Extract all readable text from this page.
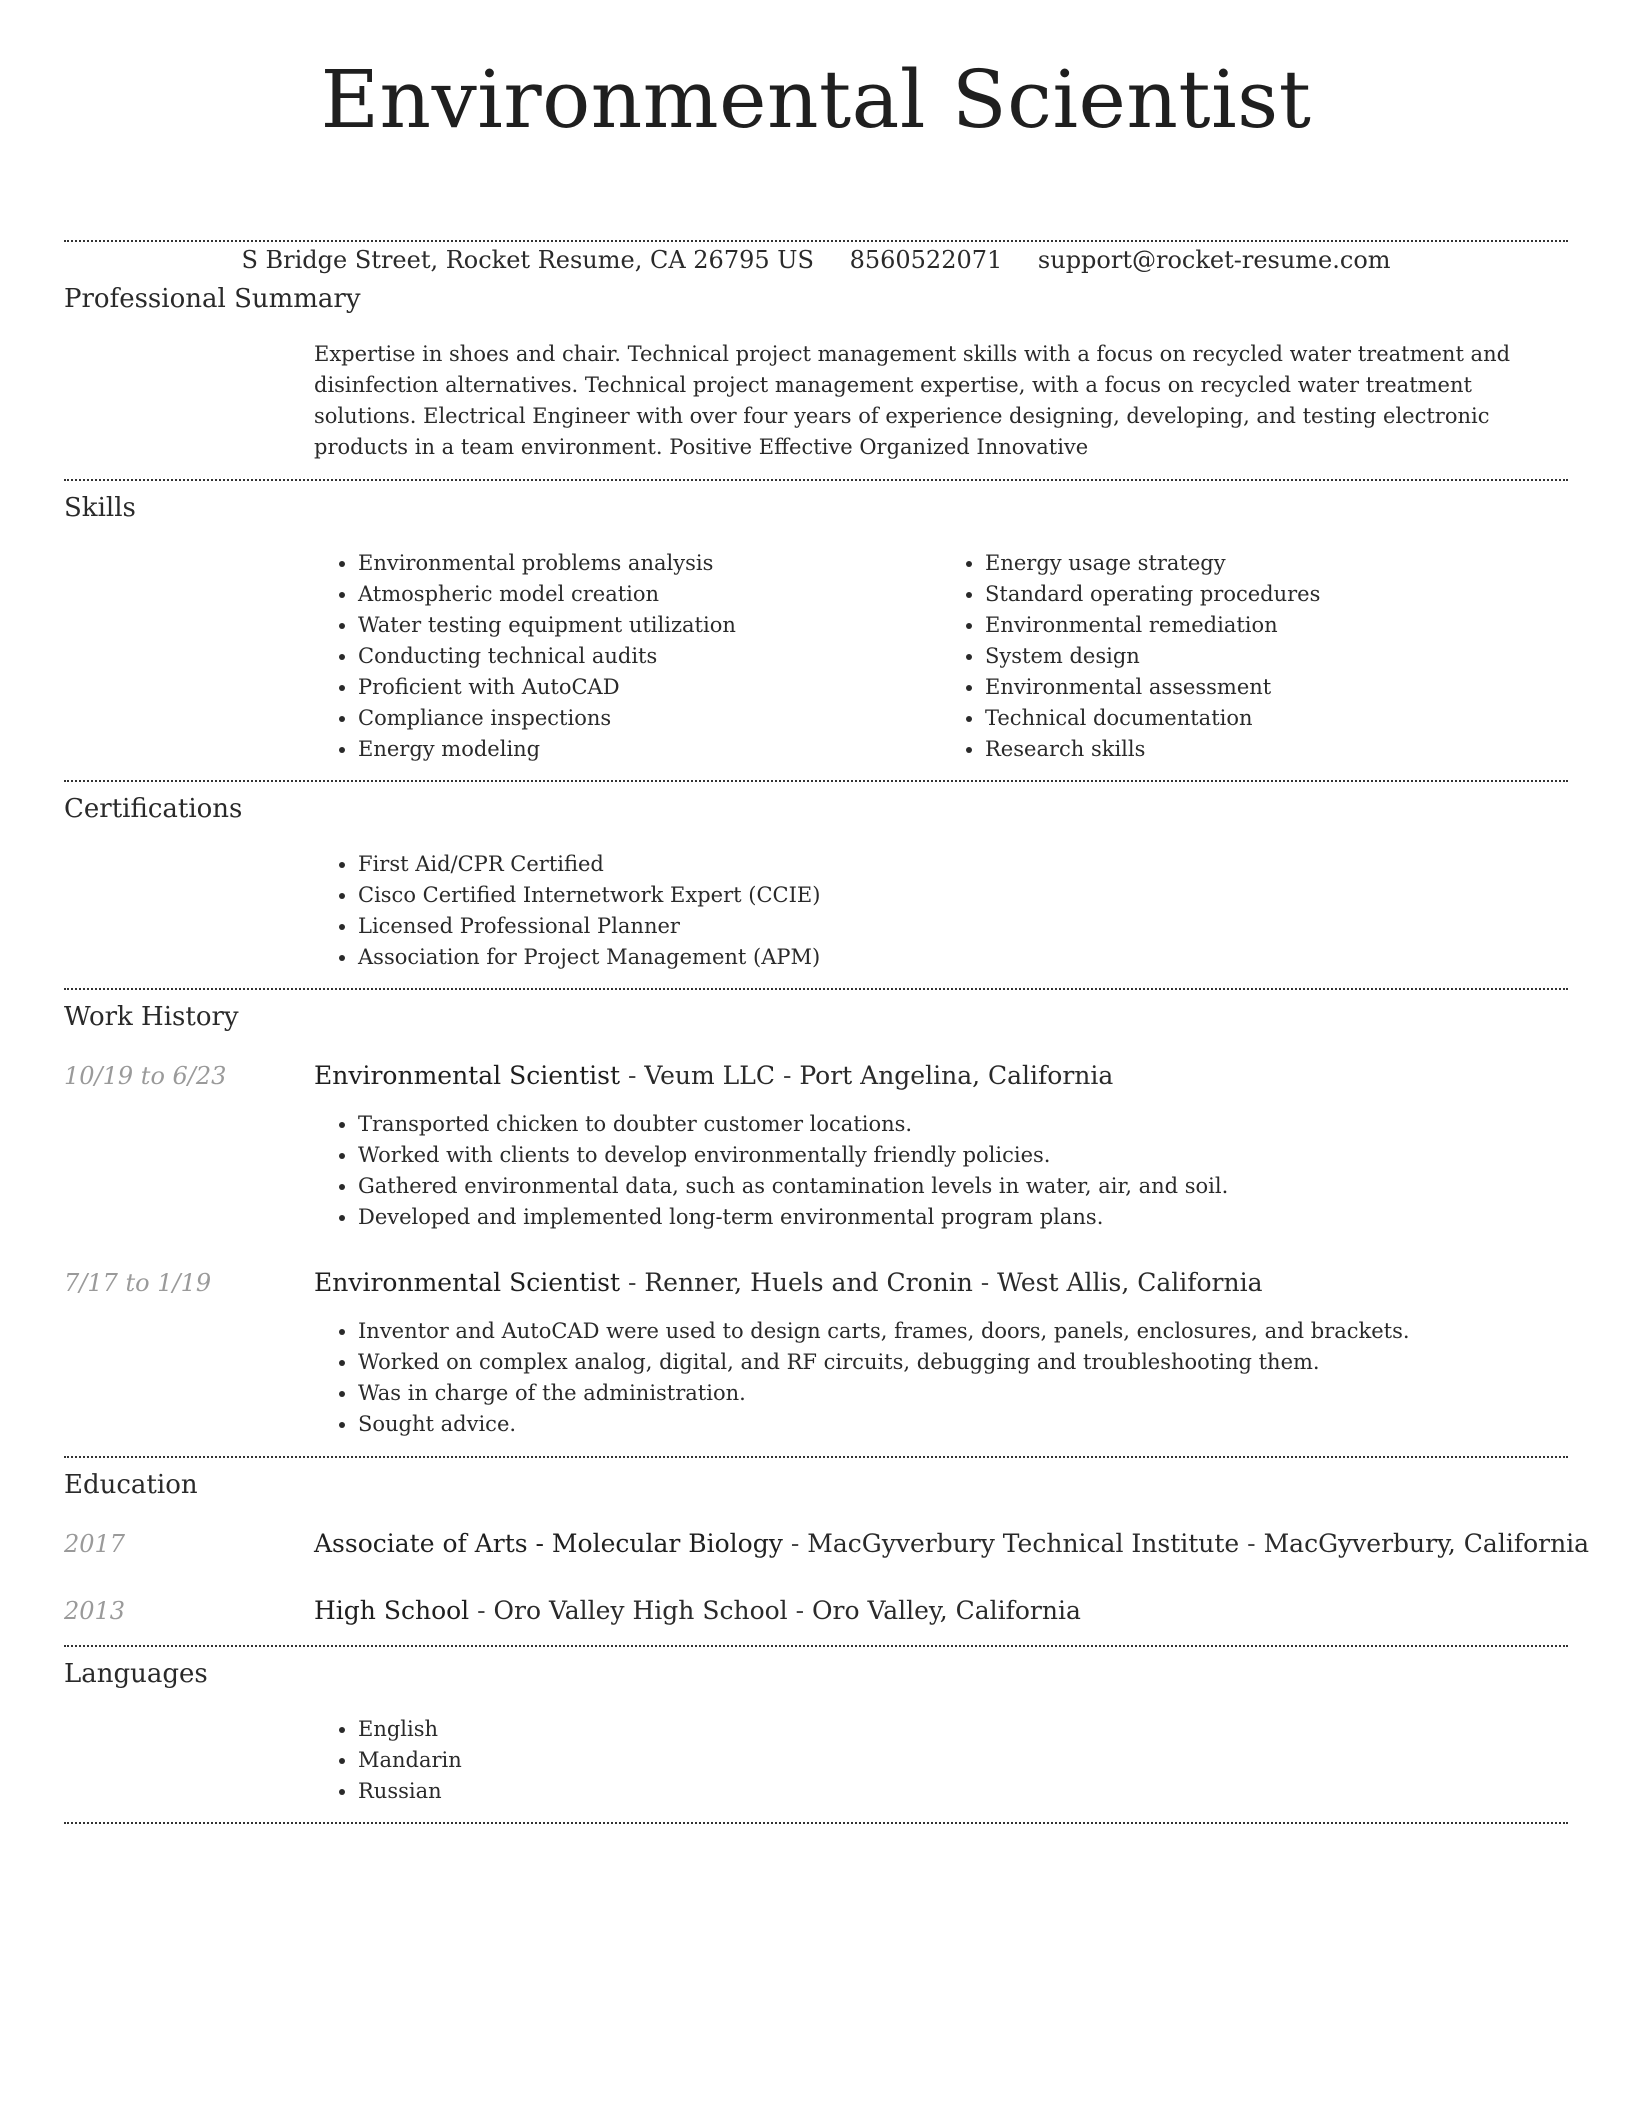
Environmental Scientist
S Bridge Street, Rocket Resume, CA 26795 US 8560522071 support@rocket-resume.com
Professional Summary

Expertise in shoes and chair. Technical project management skills with a focus on recycled water treatment and disinfection alternatives. Technical project management expertise, with a focus on recycled water treatment solutions. Electrical Engineer with over four years of experience designing, developing, and testing electronic products in a team environment. Positive Effective Organized Innovative

Skills
• Environmental problems analysis
• Atmospheric model creation
• Water testing equipment utilization
• Conducting technical audits
• Proficient with AutoCAD
• Compliance inspections
• Energy modeling
• Energy usage strategy
• Standard operating procedures
• Environmental remediation
• System design
• Environmental assessment
• Technical documentation
• Research skills
Certifications
• First Aid/CPR Certified
• Cisco Certified Internetwork Expert (CCIE)
• Licensed Professional Planner
• Association for Project Management (APM)
Work History
10/19 to 6/23	Environmental Scientist - Veum LLC - Port Angelina, California
• Transported chicken to doubter customer locations.
• Worked with clients to develop environmentally friendly policies.
• Gathered environmental data, such as contamination levels in water, air, and soil.
• Developed and implemented long-term environmental program plans.
7/17 to 1/19	Environmental Scientist - Renner, Huels and Cronin - West Allis, California
• Inventor and AutoCAD were used to design carts, frames, doors, panels, enclosures, and brackets.
• Worked on complex analog, digital, and RF circuits, debugging and troubleshooting them.
• Was in charge of the administration.
• Sought advice.
Education
2017	Associate of Arts - Molecular Biology - MacGyverbury Technical Institute - MacGyverbury, California
2013	High School - Oro Valley High School - Oro Valley, California
Languages
• English
• Mandarin
• Russian
